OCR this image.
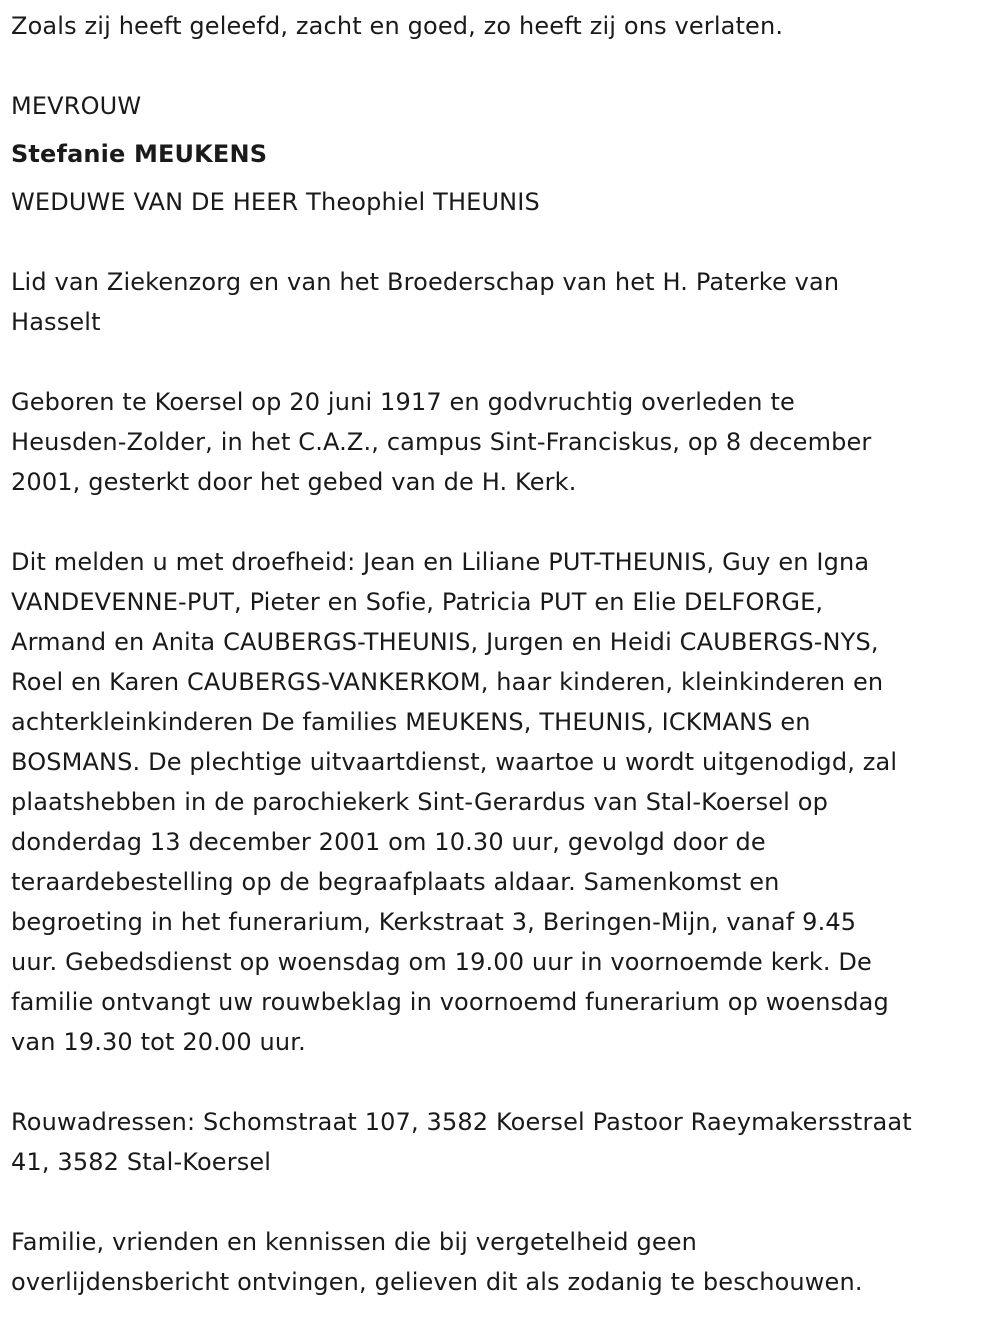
Zoals zij heeft geleefd, zacht en goed, zo heeft zij ons verlaten.
MEVROUW
Stefanie MEUKENS
WEDUWE VAN DE HEER Theophiel THEUNIS
Lid van Ziekenzorg en van het Broederschap van het H. Paterke van
Hasselt
Geboren te Koersel op 20 juni 1917 en godvruchtig overleden te
Heusden-Zolder, in het C.A.Z., campus Sint-Franciskus, op 8 december
2001, gesterkt door het gebed van de H. Kerk.
Dit melden u met droefheid: Jean en Liliane PUT-THEUNIS, Guy en Igna
VANDEVENNE-PUT, Pieter en Sofie, Patricia PUT en Elie DELFORGE,
Armand en Anita CAUBERGS-THEUNIS, Jurgen en Heidi CAUBERGS-NYS,
Roel en Karen CAUBERGS-VANKERKOM, haar kinderen, kleinkinderen en
achterkleinkinderen De families MEUKENS, THEUNIS, ICKMANS en
BOSMANS. De plechtige uitvaartdienst, waartoe u wordt uitgenodigd, zal
plaatshebben in de parochiekerk Sint-Gerardus van Stal-Koersel op
donderdag 13 december 2001 om 10.30 uur, gevolgd door de
teraardebestelling op de begraafplaats aldaar. Samenkomst en
begroeting in het funerarium, Kerkstraat 3, Beringen-Mijn, vanaf 9.45
uur. Gebedsdienst op woensdag om 19.00 uur in voornoemde kerk. De
familie ontvangt uw rouwbeklag in voornoemd funerarium op woensdag
van 19.30 tot 20.00 uur.
Rouwadressen: Schomstraat 107, 3582 Koersel Pastoor Raeymakersstraat
41, 3582 Stal-Koersel
Familie, vrienden en kennissen die bij vergetelheid geen
overlijdensbericht ontvingen, gelieven dit als zodanig te beschouwen.
